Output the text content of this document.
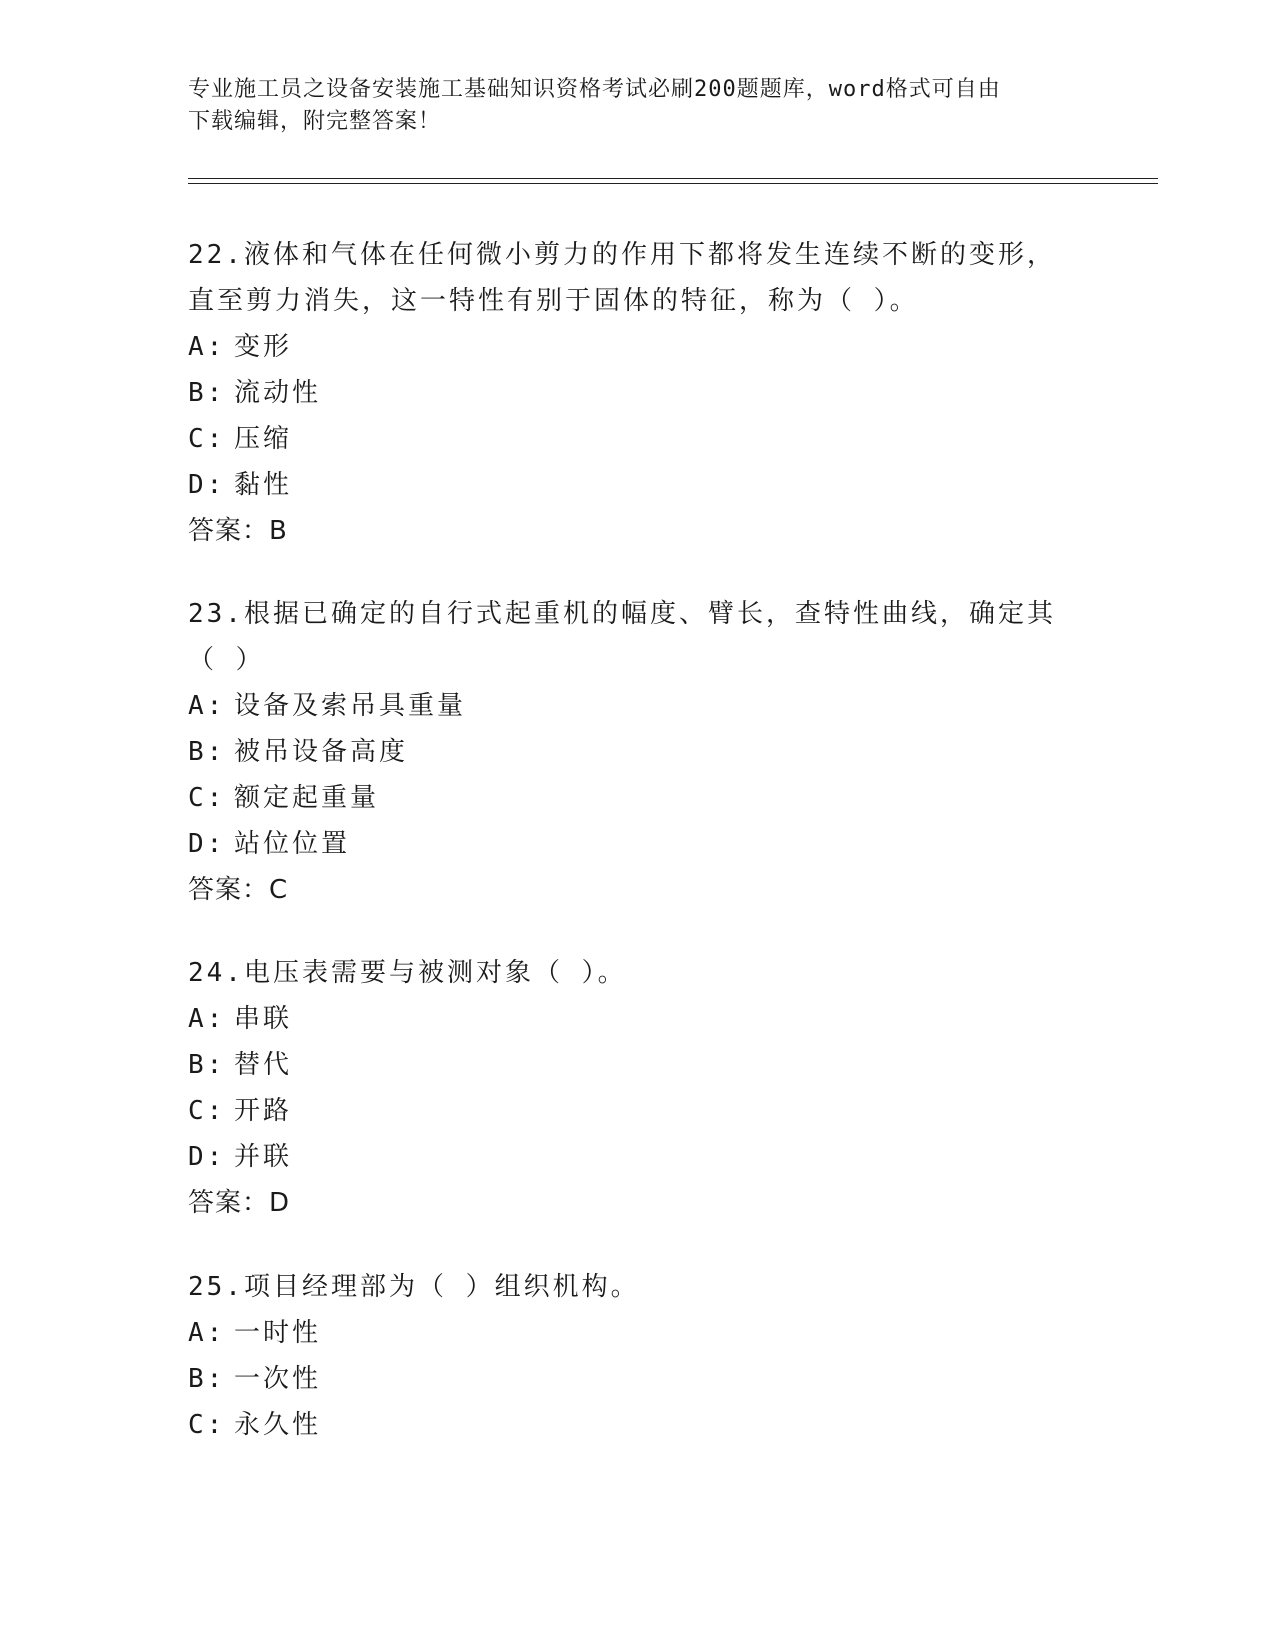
专业施工员之设备安装施工基础知识资格考试必刷200题题库，word格式可自由
下载编辑，附完整答案！
22.液体和气体在任何微小剪力的作用下都将发生连续不断的变形，直至剪力消失，这一特性有别于固体的特征，称为（ ）。
A: 变形
B: 流动性
C: 压缩
D: 黏性
答案：B
23.根据已确定的自行式起重机的幅度、臂长，查特性曲线，确定其（ ）
A: 设备及索吊具重量
B: 被吊设备高度
C: 额定起重量
D: 站位位置
答案：C
24.电压表需要与被测对象（ ）。
A: 串联
B: 替代
C: 开路
D: 并联
答案：D
25.项目经理部为（ ）组织机构。
A: 一时性
B: 一次性
C: 永久性
